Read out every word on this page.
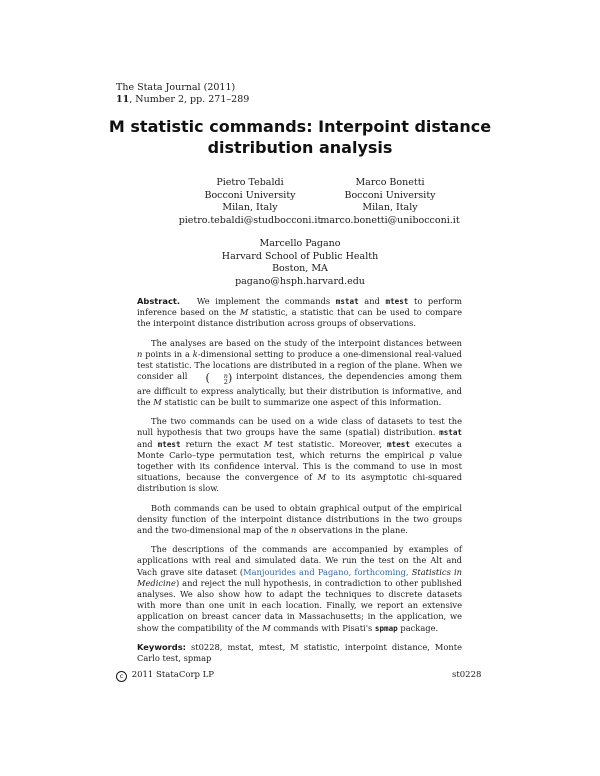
The Stata Journal (2011)
11, Number 2, pp. 271–289
M statistic commands: Interpoint distance distribution analysis
Pietro Tebaldi
Bocconi University
Milan, Italy
pietro.tebaldi@studbocconi.it
Marco Bonetti
Bocconi University
Milan, Italy
marco.bonetti@unibocconi.it
Marcello Pagano
Harvard School of Public Health
Boston, MA
pagano@hsph.harvard.edu

Abstract. We implement the commands mstat and mtest to perform inference based on the M statistic, a statistic that can be used to compare the interpoint distance distribution across groups of observations.

The analyses are based on the study of the interpoint distances between n points in a k-dimensional setting to produce a one-dimensional real-valued test statistic. The locations are distributed in a region of the plane. When we consider all (	n
2 ) interpoint distances, the dependencies among them are difficult to express analytically, but their distribution is informative, and the M statistic can be built to summarize one aspect of this information.

The two commands can be used on a wide class of datasets to test the null hypothesis that two groups have the same (spatial) distribution. mstat and mtest return the exact M test statistic. Moreover, mtest executes a Monte Carlo–type permutation test, which returns the empirical p value together with its confidence interval. This is the command to use in most situations, because the convergence of M to its asymptotic chi-squared distribution is slow.

Both commands can be used to obtain graphical output of the empirical density function of the interpoint distance distributions in the two groups and the two-dimensional map of the n observations in the plane.

The descriptions of the commands are accompanied by examples of applications with real and simulated data. We run the test on the Alt and Vach grave site dataset (Manjourides and Pagano, forthcoming, Statistics in Medicine) and reject the null hypothesis, in contradiction to other published analyses. We also show how to adapt the techniques to discrete datasets with more than one unit in each location. Finally, we report an extensive application on breast cancer data in Massachusetts; in the application, we show the compatibility of the M commands with Pisati's spmap package.

Keywords: st0228, mstat, mtest, M statistic, interpoint distance, Monte Carlo test, spmap

c 2011 StataCorp LP	st0228
